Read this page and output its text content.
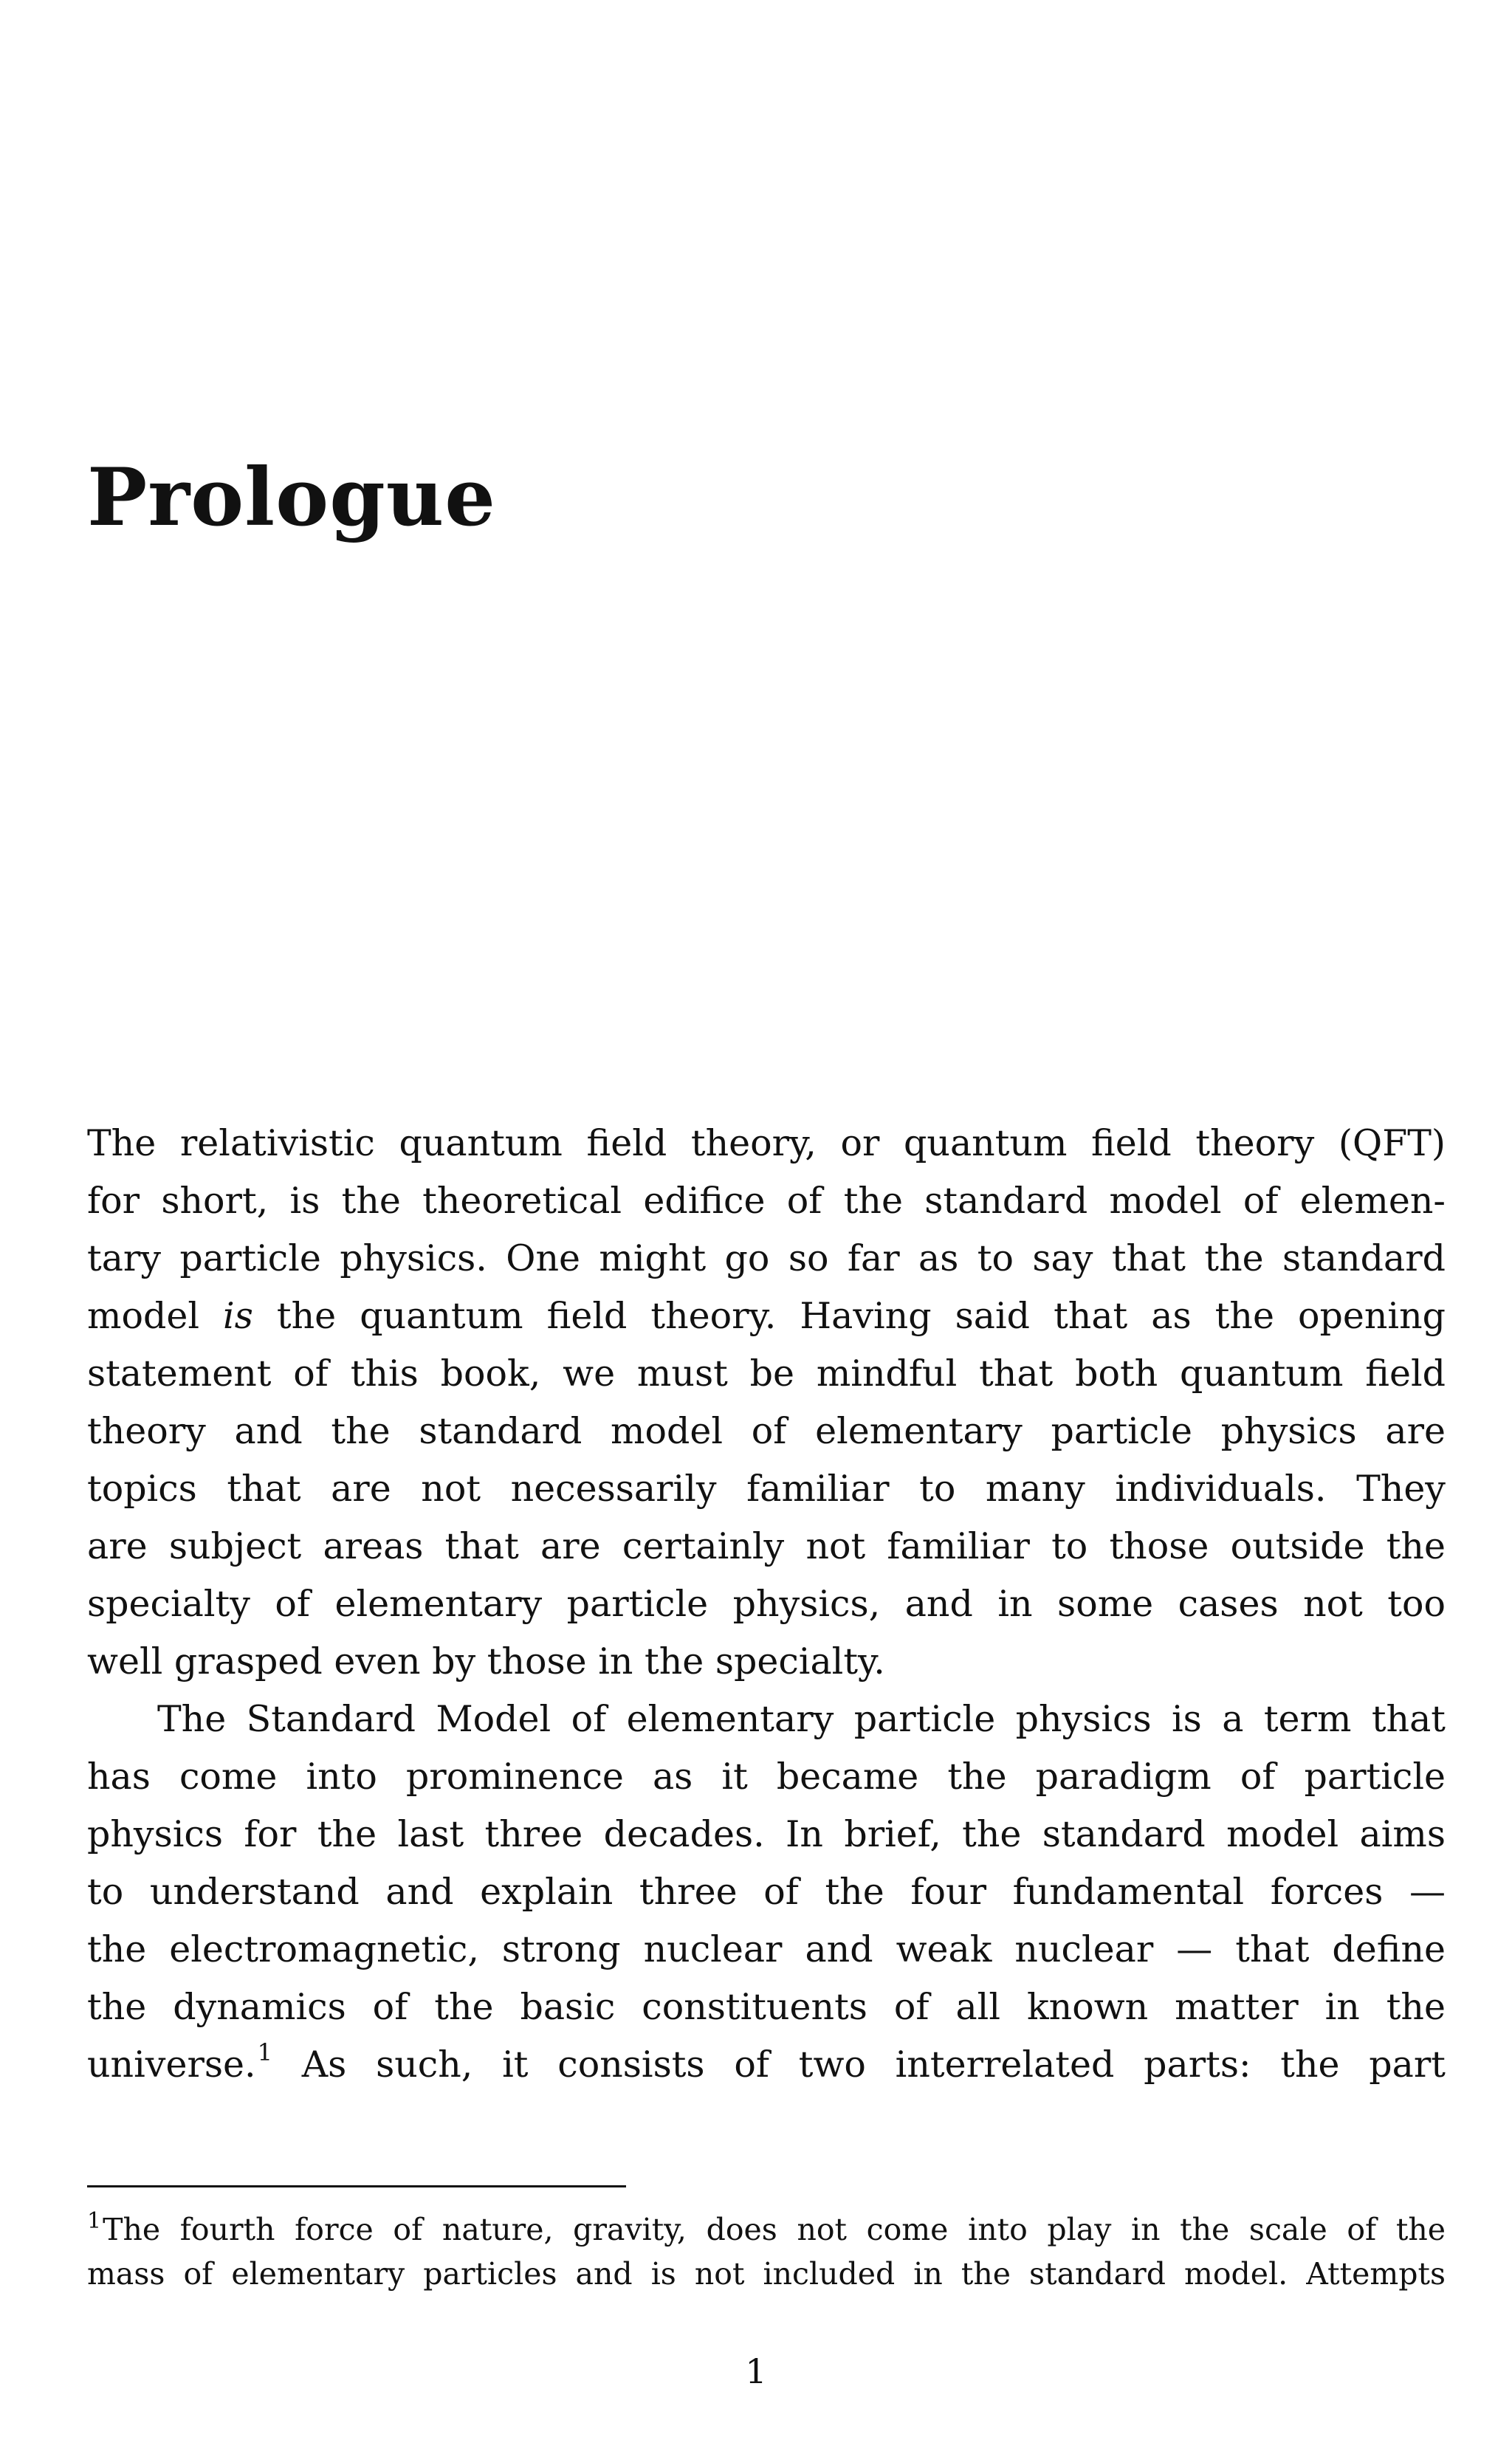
Prologue
The relativistic quantum field theory, or quantum field theory (QFT)
for short, is the theoretical edifice of the standard model of elemen-
tary particle physics. One might go so far as to say that the standard
model is the quantum field theory. Having said that as the opening
statement of this book, we must be mindful that both quantum field
theory and the standard model of elementary particle physics are
topics that are not necessarily familiar to many individuals. They
are subject areas that are certainly not familiar to those outside the
specialty of elementary particle physics, and in some cases not too
well grasped even by those in the specialty.
The Standard Model of elementary particle physics is a term that
has come into prominence as it became the paradigm of particle
physics for the last three decades. In brief, the standard model aims
to understand and explain three of the four fundamental forces —
the electromagnetic, strong nuclear and weak nuclear — that define
the dynamics of the basic constituents of all known matter in the
universe.$^1$ As such, it consists of two interrelated parts: the part
$^1$The fourth force of nature, gravity, does not come into play in the scale of the
mass of elementary particles and is not included in the standard model. Attempts
1
